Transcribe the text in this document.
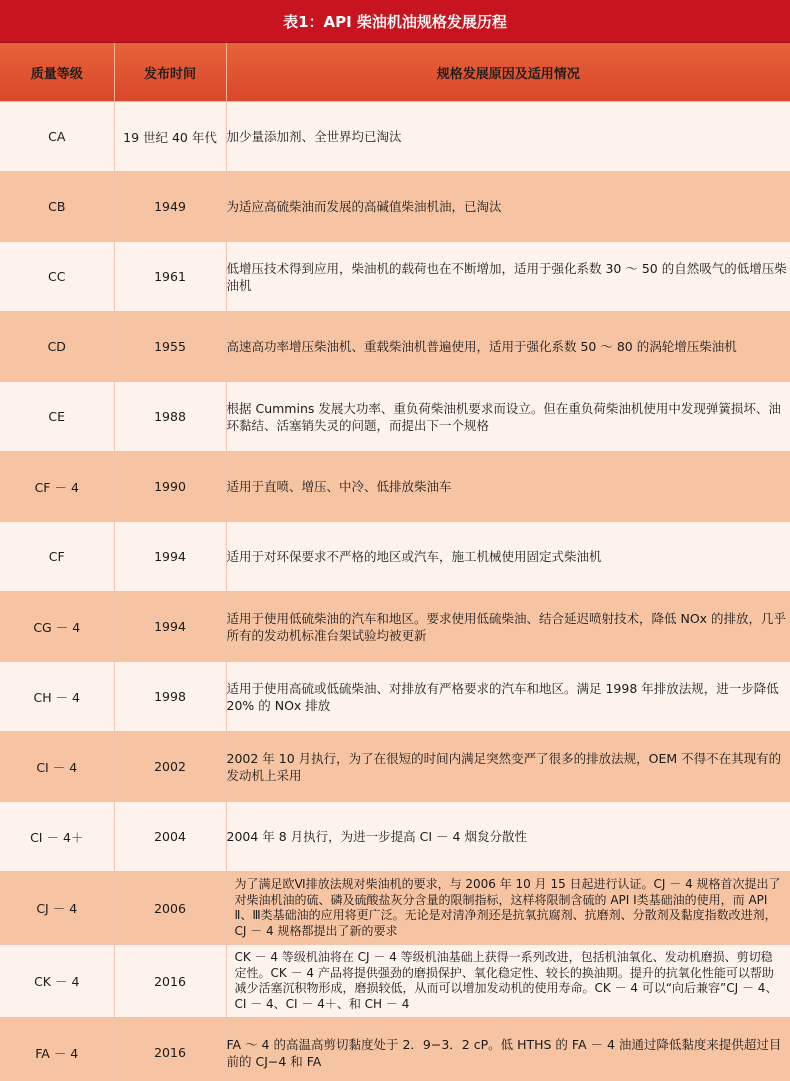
表1：API 柴油机油规格发展历程
质量等级	发布时间	规格发展原因及适用情况
CA	19 世纪 40 年代	加少量添加剂、全世界均已淘汰
CB	1949	为适应高硫柴油而发展的高碱值柴油机油，已淘汰
CC	1961	低增压技术得到应用，柴油机的载荷也在不断增加，适用于强化系数 30 ～ 50 的自然吸气的低增压柴油机
CD	1955	高速高功率增压柴油机、重载柴油机普遍使用，适用于强化系数 50 ～ 80 的涡轮增压柴油机
CE	1988	根据 Cummins 发展大功率、重负荷柴油机要求而设立。但在重负荷柴油机使用中发现弹簧损坏、油环黏结、活塞销失灵的问题，而提出下一个规格
CF － 4	1990	适用于直喷、增压、中冷、低排放柴油车
CF	1994	适用于对环保要求不严格的地区或汽车，施工机械使用固定式柴油机
CG － 4	1994	适用于使用低硫柴油的汽车和地区。要求使用低硫柴油、结合延迟喷射技术，降低 NOx 的排放，几乎所有的发动机标准台架试验均被更新
CH － 4	1998	适用于使用高硫或低硫柴油、对排放有严格要求的汽车和地区。满足 1998 年排放法规，进一步降低 20% 的 NOx 排放
CI － 4	2002	2002 年 10 月执行，为了在很短的时间内满足突然变严了很多的排放法规，OEM 不得不在其现有的发动机上采用
CI － 4＋	2004	2004 年 8 月执行，为进一步提高 CI － 4 烟炱分散性
CJ － 4	2006	为了满足欧Ⅵ排放法规对柴油机的要求，与 2006 年 10 月 15 日起进行认证。CJ － 4 规格首次提出了对柴油机油的硫、磷及硫酸盐灰分含量的限制指标，这样将限制含硫的 API Ⅰ类基础油的使用，而 API Ⅱ、Ⅲ类基础油的应用将更广泛。无论是对清净剂还是抗氧抗腐剂、抗磨剂、分散剂及黏度指数改进剂，CJ － 4 规格都提出了新的要求
CK － 4	2016	CK － 4 等级机油将在 CJ － 4 等级机油基础上获得一系列改进，包括机油氧化、发动机磨损、剪切稳定性。CK － 4 产品将提供强劲的磨损保护、氧化稳定性、较长的换油期。提升的抗氧化性能可以帮助减少活塞沉积物形成，磨损较低，从而可以增加发动机的使用寿命。CK － 4 可以“向后兼容”CJ － 4、CI － 4、CI － 4＋、和 CH － 4
FA － 4	2016	FA ～ 4 的高温高剪切黏度处于 2．9−3．2 cP。低 HTHS 的 FA － 4 油通过降低黏度来提供超过目前的 CJ−4 和 FA
